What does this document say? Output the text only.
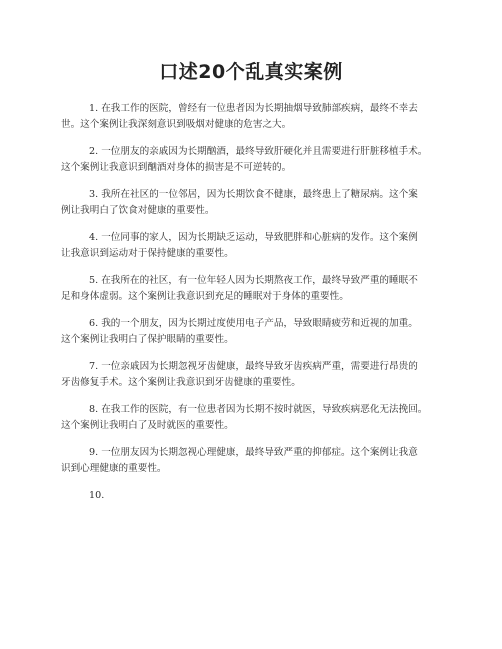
口述20个乱真实案例
1. 在我工作的医院，曾经有一位患者因为长期抽烟导致肺部疾病，最终不幸去
世。这个案例让我深刻意识到吸烟对健康的危害之大。
2. 一位朋友的亲戚因为长期酗酒，最终导致肝硬化并且需要进行肝脏移植手术。
这个案例让我意识到酗酒对身体的损害是不可逆转的。
3. 我所在社区的一位邻居，因为长期饮食不健康，最终患上了糖尿病。这个案
例让我明白了饮食对健康的重要性。
4. 一位同事的家人，因为长期缺乏运动，导致肥胖和心脏病的发作。这个案例
让我意识到运动对于保持健康的重要性。
5. 在我所在的社区，有一位年轻人因为长期熬夜工作，最终导致严重的睡眠不
足和身体虚弱。这个案例让我意识到充足的睡眠对于身体的重要性。
6. 我的一个朋友，因为长期过度使用电子产品，导致眼睛疲劳和近视的加重。
这个案例让我明白了保护眼睛的重要性。
7. 一位亲戚因为长期忽视牙齿健康，最终导致牙齿疾病严重，需要进行昂贵的
牙齿修复手术。这个案例让我意识到牙齿健康的重要性。
8. 在我工作的医院，有一位患者因为长期不按时就医，导致疾病恶化无法挽回。
这个案例让我明白了及时就医的重要性。
9. 一位朋友因为长期忽视心理健康，最终导致严重的抑郁症。这个案例让我意
识到心理健康的重要性。
10.
